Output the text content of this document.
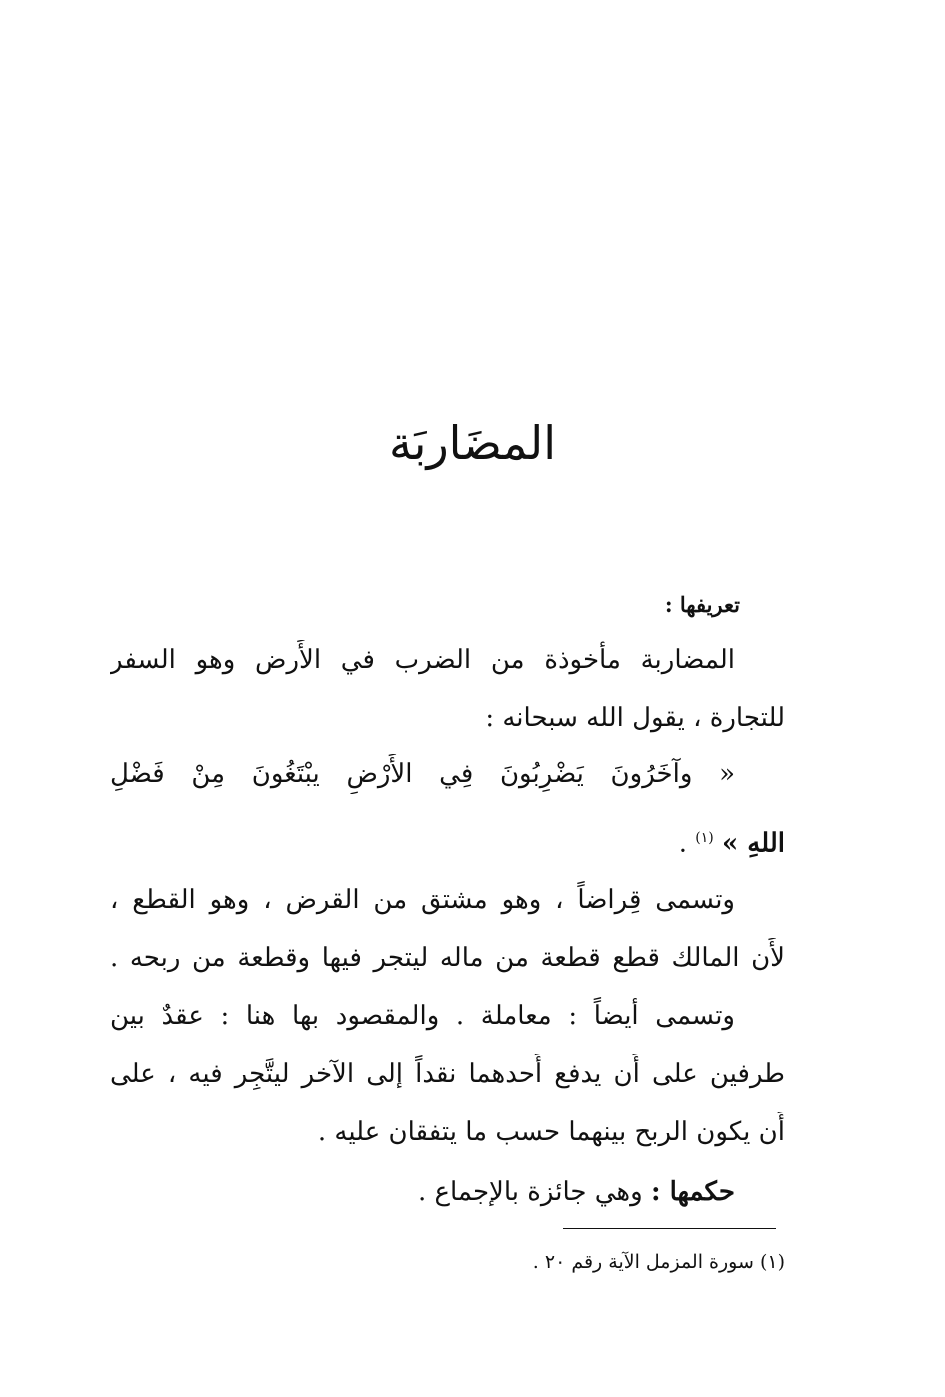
المضَاربَة
تعريفها :
المضاربة مأْخوذة من الضرب في الأَرض وهو السفر
للتجارة ، يقول الله سبحانه :
« وآخَرُونَ يَضْرِبُونَ فِي الأَرْضِ يبْتَغُونَ مِنْ فَضْلِ
اللهِ » $^{(١)}$ .
وتسمى قِراضاً ، وهو مشتق من القرض ، وهو القطع ،
لأَن المالك قطع قطعة من ماله ليتجر فيها وقطعة من ربحه .
وتسمى أيضاً : معاملة . والمقصود بها هنا : عقدٌ بين
طرفين على أَن يدفع أَحدهما نقداً إلى الآخر ليتَّجِر فيه ، على
أَن يكون الربح بينهما حسب ما يتفقان عليه .
حكمها : وهي جائزة بالإجماع .
(١) سورة المزمل الآية رقم ٢٠ .
